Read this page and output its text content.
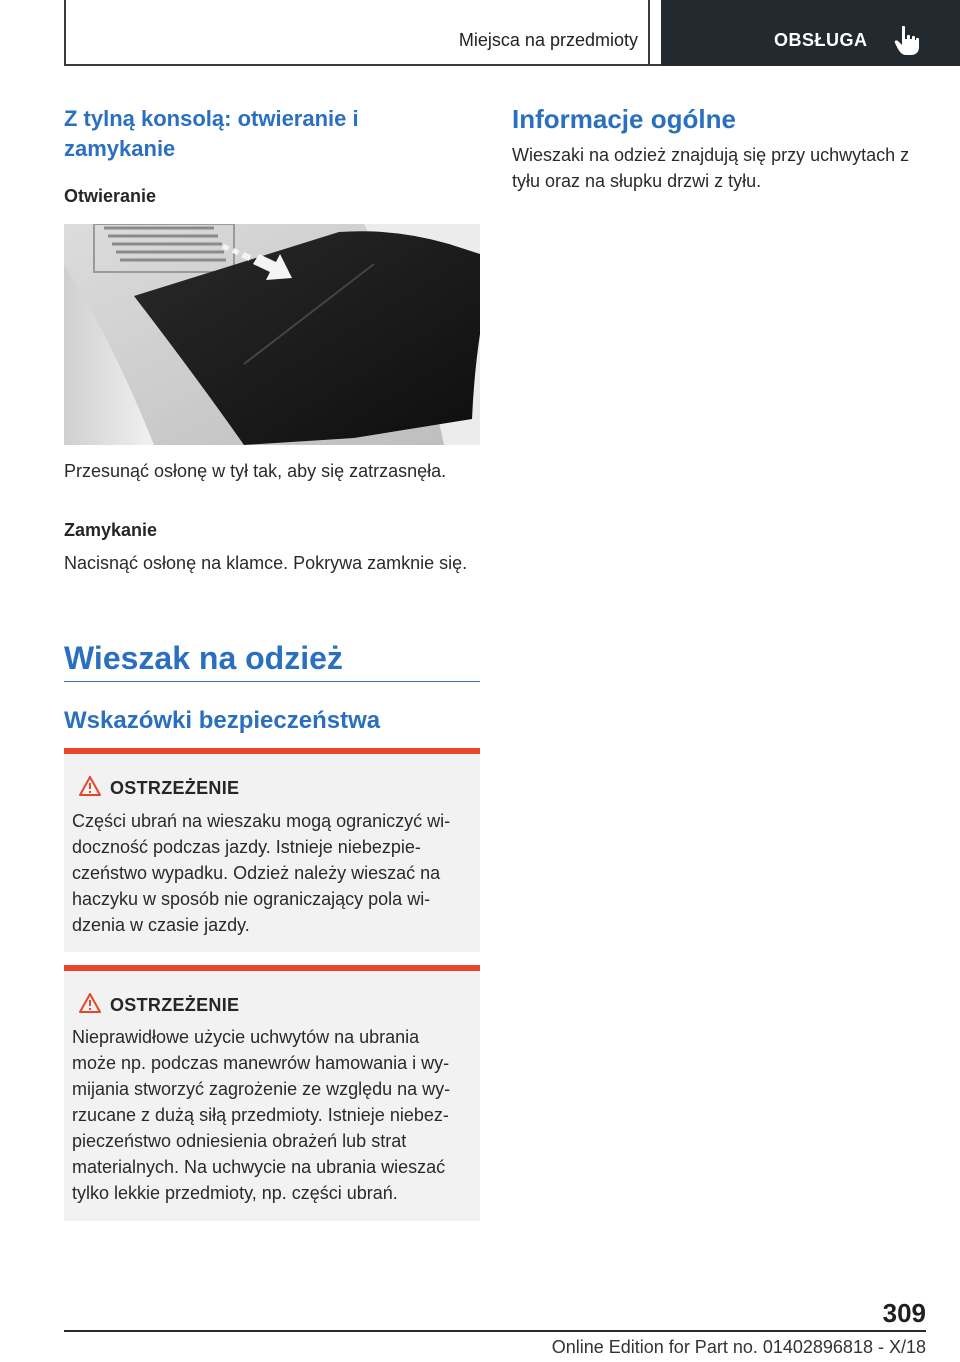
Miejsca na przedmioty	OBSŁUGA
Z tylną konsolą: otwieranie i zamykanie
Otwieranie
Przesunąć osłonę w tył tak, aby się zatrzasnęła.
Zamykanie
Nacisnąć osłonę na klamce. Pokrywa zamknie się.
Wieszak na odzież
Wskazówki bezpieczeństwa
OSTRZEŻENIE
Części ubrań na wieszaku mogą ograniczyć wi-
doczność podczas jazdy. Istnieje niebezpie-
czeństwo wypadku. Odzież należy wieszać na
haczyku w sposób nie ograniczający pola wi-
dzenia w czasie jazdy.
OSTRZEŻENIE
Nieprawidłowe użycie uchwytów na ubrania
może np. podczas manewrów hamowania i wy-
mijania stworzyć zagrożenie ze względu na wy-
rzucane z dużą siłą przedmioty. Istnieje niebez-
pieczeństwo odniesienia obrażeń lub strat
materialnych. Na uchwycie na ubrania wieszać
tylko lekkie przedmioty, np. części ubrań.
Informacje ogólne
Wieszaki na odzież znajdują się przy uchwytach z tyłu oraz na słupku drzwi z tyłu.
309
Online Edition for Part no. 01402896818 - X/18
